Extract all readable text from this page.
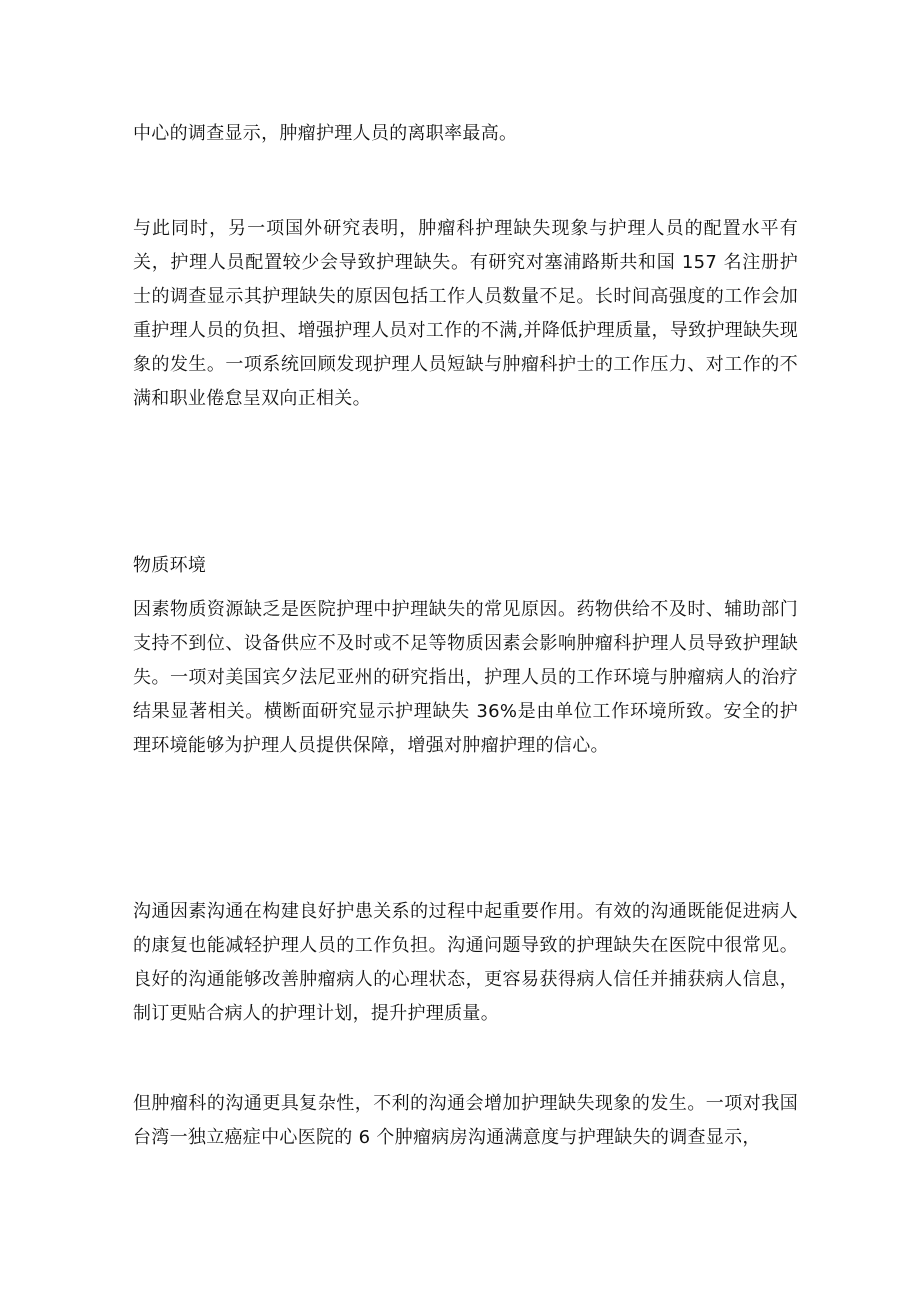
中心的调查显示，肿瘤护理人员的离职率最高。

与此同时，另一项国外研究表明，肿瘤科护理缺失现象与护理人员的配置水平有关，护理人员配置较少会导致护理缺失。有研究对塞浦路斯共和国 157 名注册护士的调查显示其护理缺失的原因包括工作人员数量不足。长时间高强度的工作会加重护理人员的负担、增强护理人员对工作的不满,并降低护理质量，导致护理缺失现象的发生。一项系统回顾发现护理人员短缺与肿瘤科护士的工作压力、对工作的不满和职业倦怠呈双向正相关。

物质环境

因素物质资源缺乏是医院护理中护理缺失的常见原因。药物供给不及时、辅助部门支持不到位、设备供应不及时或不足等物质因素会影响肿瘤科护理人员导致护理缺失。一项对美国宾夕法尼亚州的研究指出，护理人员的工作环境与肿瘤病人的治疗结果显著相关。横断面研究显示护理缺失 36%是由单位工作环境所致。安全的护理环境能够为护理人员提供保障，增强对肿瘤护理的信心。

沟通因素沟通在构建良好护患关系的过程中起重要作用。有效的沟通既能促进病人的康复也能减轻护理人员的工作负担。沟通问题导致的护理缺失在医院中很常见。良好的沟通能够改善肿瘤病人的心理状态，更容易获得病人信任并捕获病人信息，制订更贴合病人的护理计划，提升护理质量。

但肿瘤科的沟通更具复杂性，不利的沟通会增加护理缺失现象的发生。一项对我国台湾一独立癌症中心医院的 6 个肿瘤病房沟通满意度与护理缺失的调查显示，
